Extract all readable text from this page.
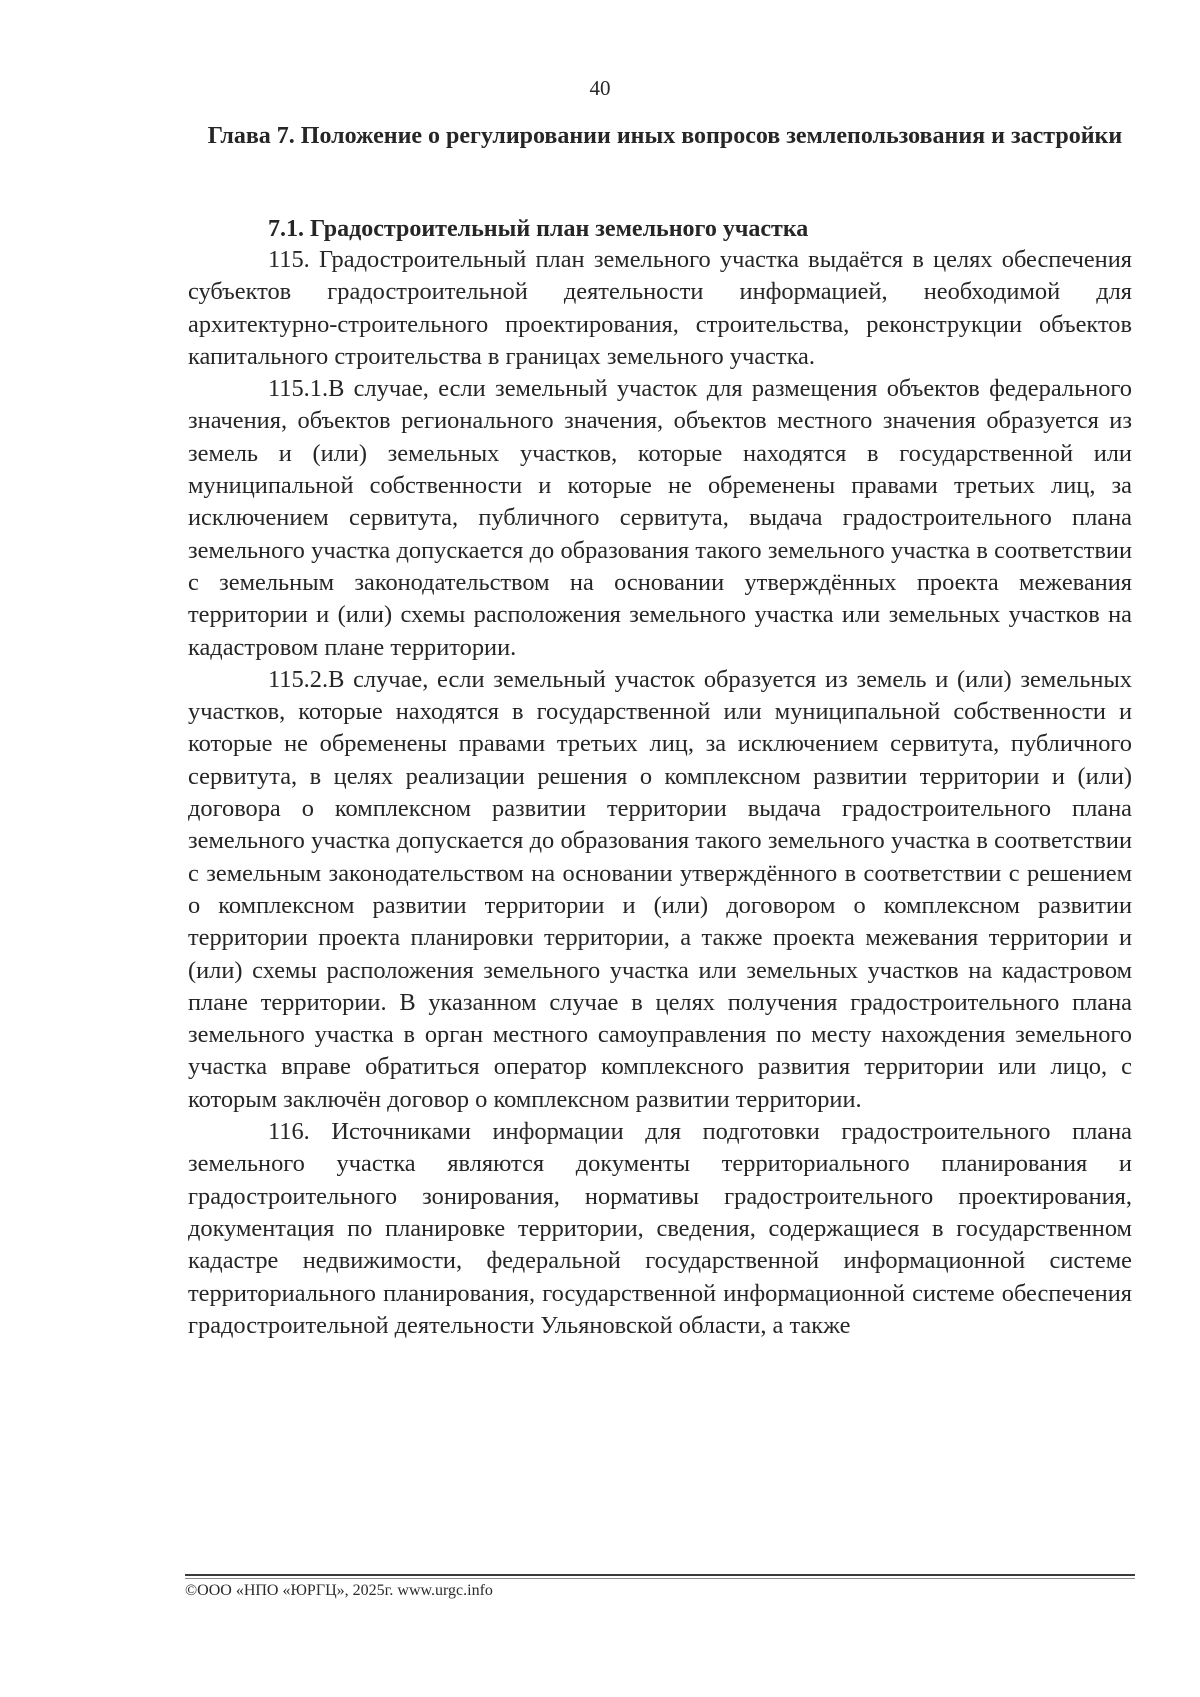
40
Глава 7. Положение о регулировании иных вопросов землепользования и застройки
7.1. Градостроительный план земельного участка

115. Градостроительный план земельного участка выдаётся в целях обеспечения субъектов градостроительной деятельности информацией, необходимой для архитектурно-строительного проектирования, строительства, реконструкции объектов капитального строительства в границах земельного участка.

115.1.В случае, если земельный участок для размещения объектов федерального значения, объектов регионального значения, объектов местного значения образуется из земель и (или) земельных участков, которые находятся в государственной или муниципальной собственности и которые не обременены правами третьих лиц, за исключением сервитута, публичного сервитута, выдача градостроительного плана земельного участка допускается до образования такого земельного участка в соответствии с земельным законодательством на основании утверждённых проекта межевания территории и (или) схемы расположения земельного участка или земельных участков на кадастровом плане территории.

115.2.В случае, если земельный участок образуется из земель и (или) земельных участков, которые находятся в государственной или муниципальной собственности и которые не обременены правами третьих лиц, за исключением сервитута, публичного сервитута, в целях реализации решения о комплексном развитии территории и (или) договора о комплексном развитии территории выдача градостроительного плана земельного участка допускается до образования такого земельного участка в соответствии с земельным законодательством на основании утверждённого в соответствии с решением о комплексном развитии территории и (или) договором о комплексном развитии территории проекта планировки территории, а также проекта межевания территории и (или) схемы расположения земельного участка или земельных участков на кадастровом плане территории. В указанном случае в целях получения градостроительного плана земельного участка в орган местного самоуправления по месту нахождения земельного участка вправе обратиться оператор комплексного развития территории или лицо, с которым заключён договор о комплексном развитии территории.

116. Источниками информации для подготовки градостроительного плана земельного участка являются документы территориального планирования и градостроительного зонирования, нормативы градостроительного проектирования, документация по планировке территории, сведения, содержащиеся в государственном кадастре недвижимости, федеральной государственной информационной системе территориального планирования, государственной информационной системе обеспечения градостроительной деятельности Ульяновской области, а также

©ООО «НПО «ЮРГЦ», 2025г. www.urgc.info
